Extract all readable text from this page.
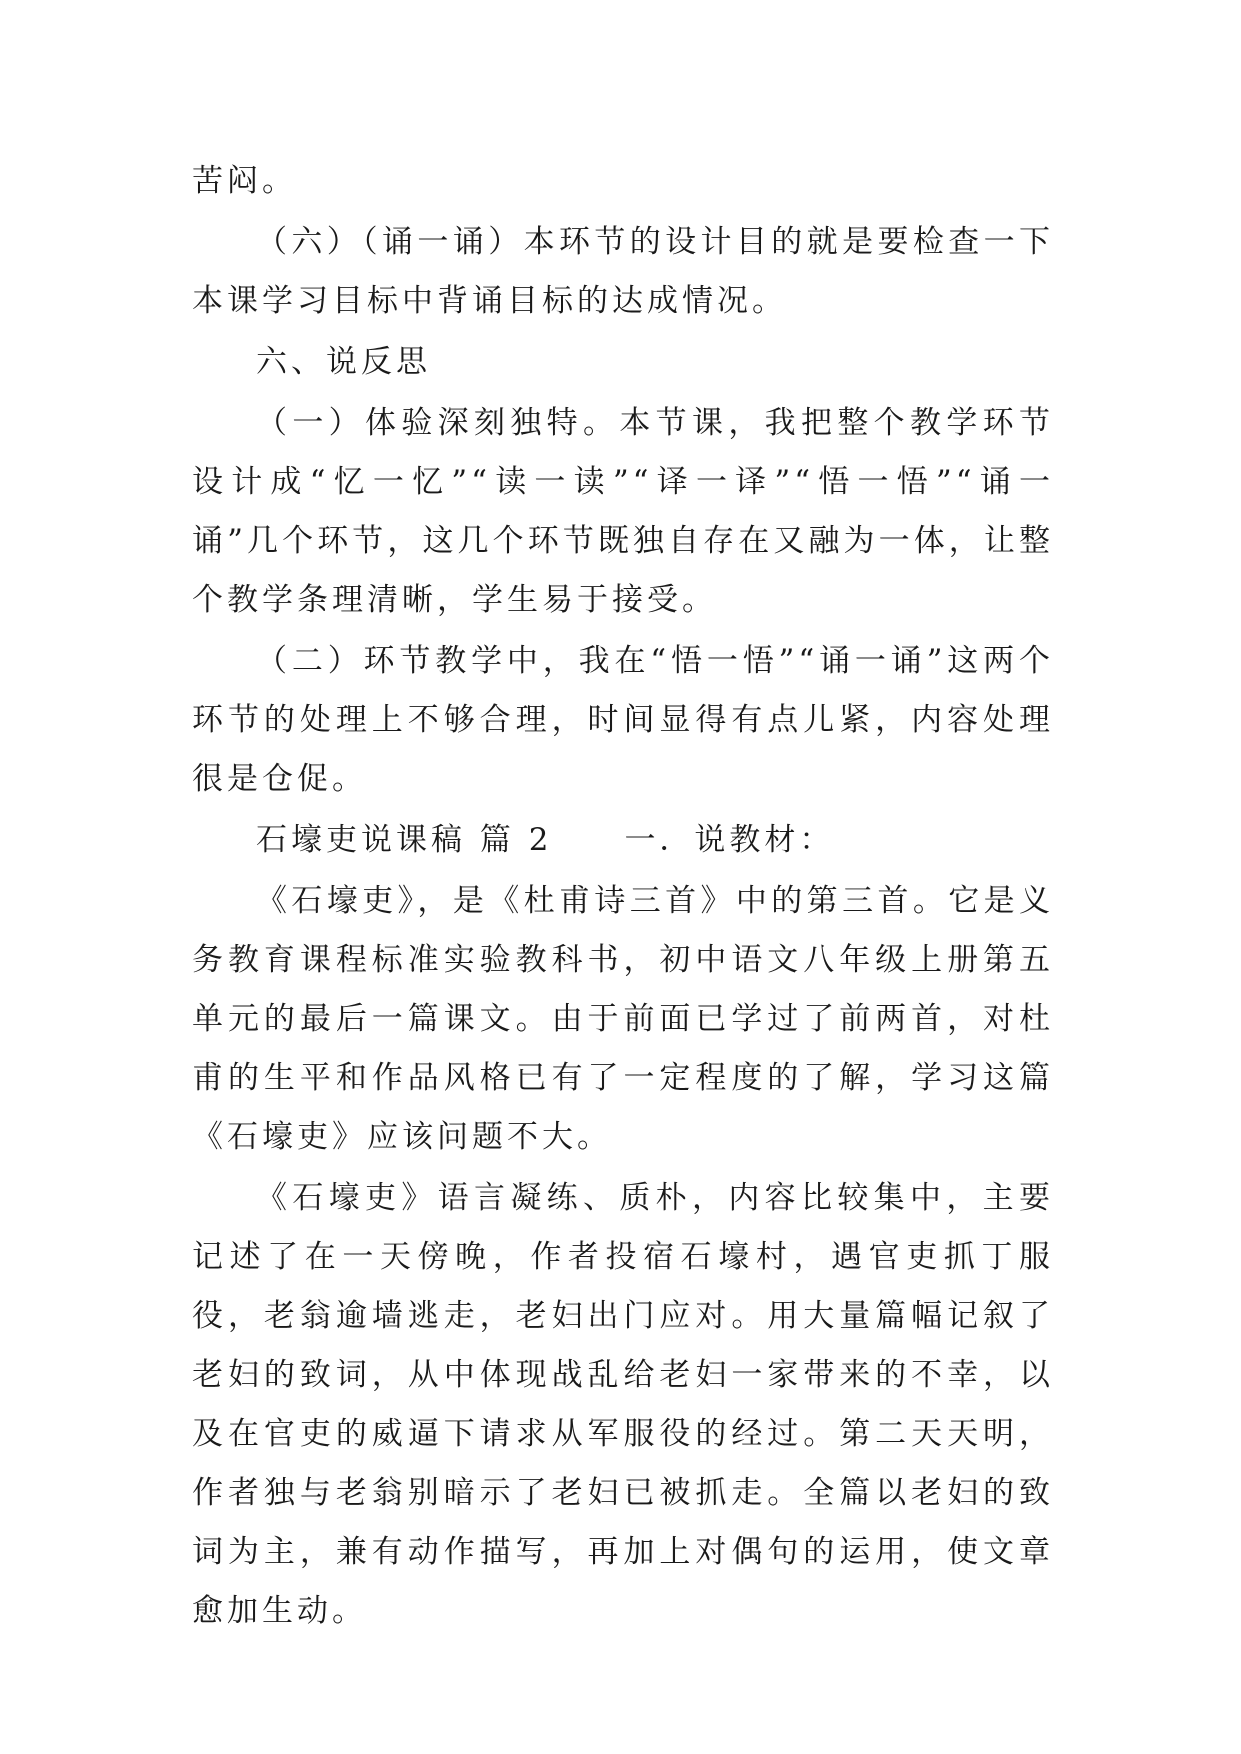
苦闷。

（六）（诵一诵）本环节的设计目的就是要检查一下本课学习目标中背诵目标的达成情况。

六、说反思

（一）体验深刻独特。本节课，我把整个教学环节设计成“忆一忆”“读一读”“译一译”“悟一悟”“诵一诵”几个环节，这几个环节既独自存在又融为一体，让整个教学条理清晰，学生易于接受。

（二）环节教学中，我在“悟一悟”“诵一诵”这两个环节的处理上不够合理，时间显得有点儿紧，内容处理很是仓促。

石壕吏说课稿 篇 2 一．说教材：

《石壕吏》，是《杜甫诗三首》中的第三首。它是义务教育课程标准实验教科书，初中语文八年级上册第五单元的最后一篇课文。由于前面已学过了前两首，对杜甫的生平和作品风格已有了一定程度的了解，学习这篇《石壕吏》应该问题不大。

《石壕吏》语言凝练、质朴，内容比较集中，主要记述了在一天傍晚，作者投宿石壕村，遇官吏抓丁服役，老翁逾墙逃走，老妇出门应对。用大量篇幅记叙了老妇的致词，从中体现战乱给老妇一家带来的不幸，以及在官吏的威逼下请求从军服役的经过。第二天天明，作者独与老翁别暗示了老妇已被抓走。全篇以老妇的致词为主，兼有动作描写，再加上对偶句的运用，使文章愈加生动。
